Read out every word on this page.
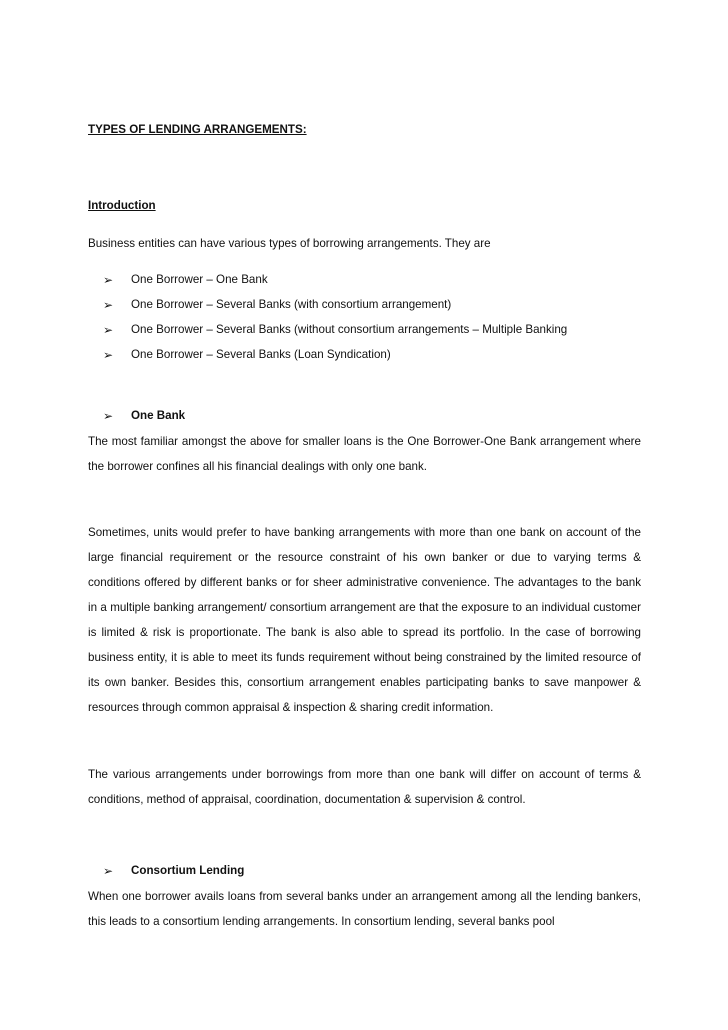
TYPES OF LENDING ARRANGEMENTS:
Introduction
Business entities can have various types of borrowing arrangements. They are
➢ One Borrower – One Bank
➢ One Borrower – Several Banks (with consortium arrangement)
➢ One Borrower – Several Banks (without consortium arrangements – Multiple Banking
➢ One Borrower – Several Banks (Loan Syndication)
➢ One Bank
The most familiar amongst the above for smaller loans is the One Borrower-One Bank arrangement where the borrower confines all his financial dealings with only one bank.
Sometimes, units would prefer to have banking arrangements with more than one bank on account of the large financial requirement or the resource constraint of his own banker or due to varying terms & conditions offered by different banks or for sheer administrative convenience. The advantages to the bank in a multiple banking arrangement/ consortium arrangement are that the exposure to an individual customer is limited & risk is proportionate. The bank is also able to spread its portfolio. In the case of borrowing business entity, it is able to meet its funds requirement without being constrained by the limited resource of its own banker. Besides this, consortium arrangement enables participating banks to save manpower & resources through common appraisal & inspection & sharing credit information.
The various arrangements under borrowings from more than one bank will differ on account of terms & conditions, method of appraisal, coordination, documentation & supervision & control.
➢ Consortium Lending
When one borrower avails loans from several banks under an arrangement among all the lending bankers, this leads to a consortium lending arrangements. In consortium lending, several banks pool
